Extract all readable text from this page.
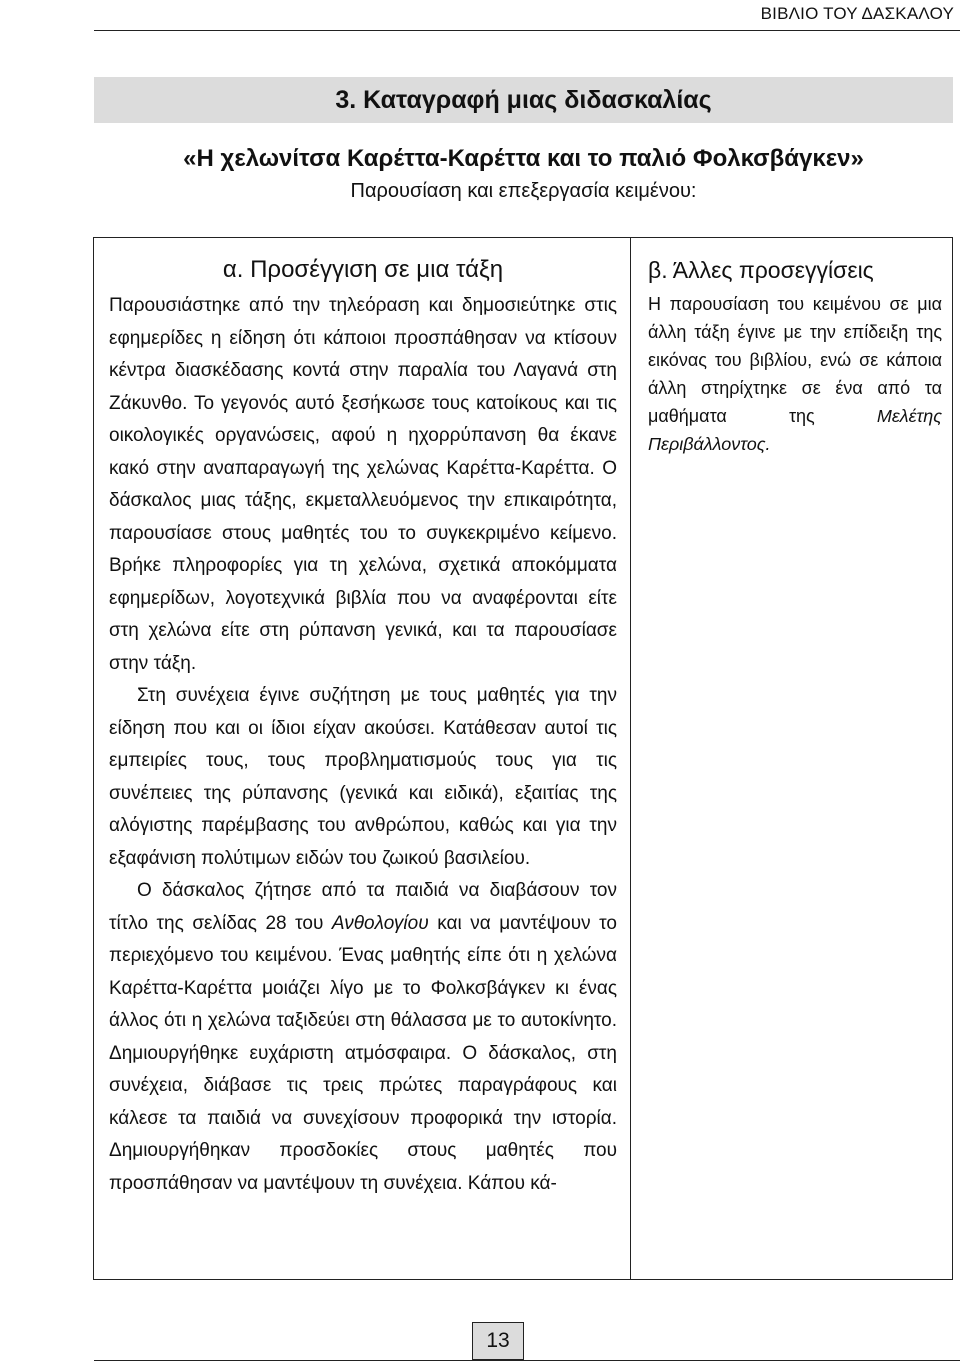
ΒΙΒΛΙΟ ΤΟΥ ΔΑΣΚΑΛΟΥ
3. Καταγραφή μιας διδασκαλίας
«Η χελωνίτσα Καρέττα-Καρέττα και το παλιό Φολκσβάγκεν»
Παρουσίαση και επεξεργασία κειμένου:
α. Προσέγγιση σε μια τάξη

Παρουσιάστηκε από την τηλεόραση και δημοσιεύτηκε στις εφημερίδες η είδηση ότι κάποιοι προσπάθησαν να κτίσουν κέντρα διασκέδασης κοντά στην παραλία του Λαγανά στη Ζάκυνθο. Το γεγονός αυτό ξεσήκωσε τους κατοίκους και τις οικολογικές οργανώσεις, αφού η ηχορρύπανση θα έκανε κακό στην αναπαραγωγή της χελώνας Καρέττα-Καρέττα. Ο δάσκαλος μιας τάξης, εκμεταλλευόμενος την επικαιρότητα, παρουσίασε στους μαθητές του το συγκεκριμένο κείμενο. Βρήκε πληροφορίες για τη χελώνα, σχετικά αποκόμματα εφημερίδων, λογοτεχνικά βιβλία που να αναφέρονται είτε στη χελώνα είτε στη ρύπανση γενικά, και τα παρουσίασε στην τάξη.

Στη συνέχεια έγινε συζήτηση με τους μαθητές για την είδηση που και οι ίδιοι είχαν ακούσει. Κατάθεσαν αυτοί τις εμπειρίες τους, τους προβληματισμούς τους για τις συνέπειες της ρύπανσης (γενικά και ειδικά), εξαιτίας της αλόγιστης παρέμβασης του ανθρώπου, καθώς και για την εξαφάνιση πολύτιμων ειδών του ζωικού βασιλείου.

Ο δάσκαλος ζήτησε από τα παιδιά να διαβάσουν τον τίτλο της σελίδας 28 του Ανθολογίου και να μαντέψουν το περιεχόμενο του κειμένου. Ένας μαθητής είπε ότι η χελώνα Καρέττα-Καρέττα μοιάζει λίγο με το Φολκσβάγκεν κι ένας άλλος ότι η χελώνα ταξιδεύει στη θάλασσα με το αυτοκίνητο. Δημιουργήθηκε ευχάριστη ατμόσφαιρα. Ο δάσκαλος, στη συνέχεια, διάβασε τις τρεις πρώτες παραγράφους και κάλεσε τα παιδιά να συνεχίσουν προφορικά την ιστορία. Δημιουργήθηκαν προσδοκίες στους μαθητές που προσπάθησαν να μαντέψουν τη συνέχεια. Κάπου κά-

β. Άλλες προσεγγίσεις

Η παρουσίαση του κειμένου σε μια άλλη τάξη έγινε με την επίδειξη της εικόνας του βιβλίου, ενώ σε κάποια άλλη στηρίχτηκε σε ένα από τα μαθήματα της Μελέτης Περιβάλλοντος.

13
